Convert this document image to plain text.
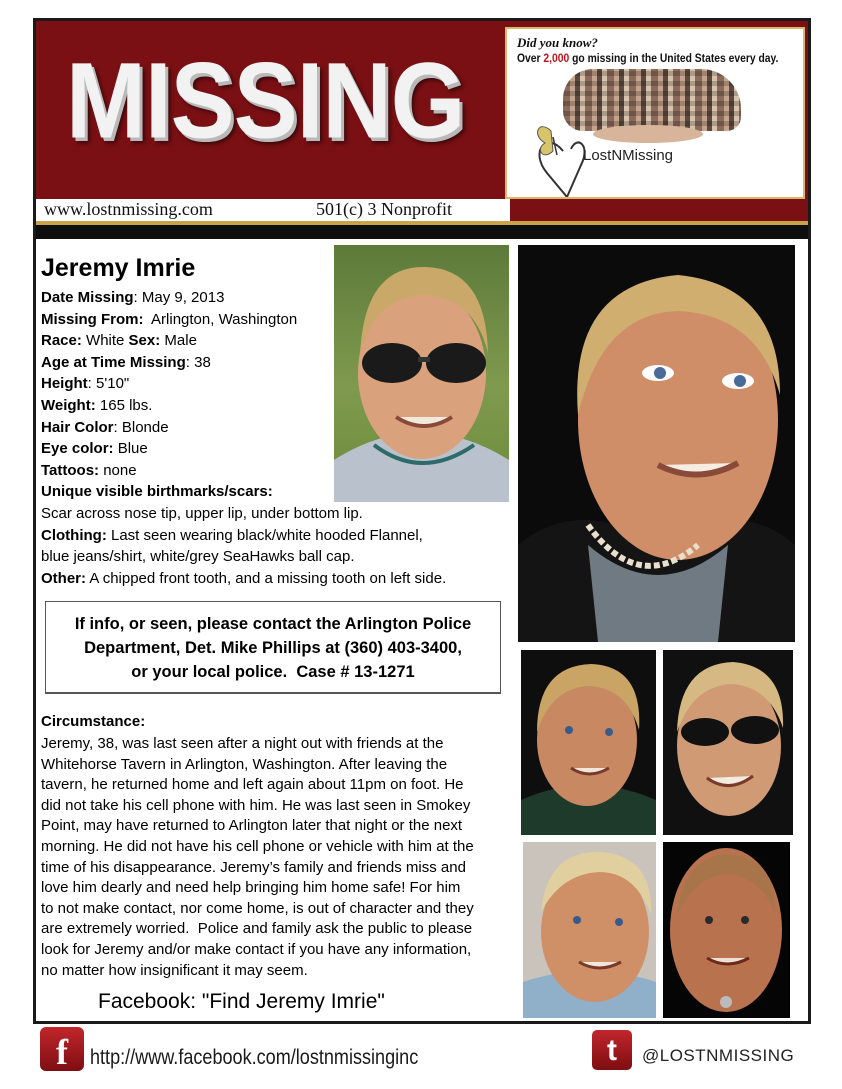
MISSING	Did you know?
Over 2,000 go missing in the United States every day.
LostNMissing
www.lostnmissing.com	501(c) 3 Nonprofit
Jeremy Imrie
Date Missing: May 9, 2013
Missing From: Arlington, Washington
Race: White Sex: Male
Age at Time Missing: 38
Height: 5'10"
Weight: 165 lbs.
Hair Color: Blonde
Eye color: Blue
Tattoos: none
Unique visible birthmarks/scars:
Scar across nose tip, upper lip, under bottom lip.
Clothing: Last seen wearing black/white hooded Flannel,
blue jeans/shirt, white/grey SeaHawks ball cap.
Other: A chipped front tooth, and a missing tooth on left side.

If info, or seen, please contact the Arlington Police

Department, Det. Mike Phillips at (360) 403-3400,

or your local police.  Case # 13-1271

Circumstance:
Jeremy, 38, was last seen after a night out with friends at the
Whitehorse Tavern in Arlington, Washington. After leaving the
tavern, he returned home and left again about 11pm on foot. He
did not take his cell phone with him. He was last seen in Smokey
Point, may have returned to Arlington later that night or the next
morning. He did not have his cell phone or vehicle with him at the
time of his disappearance. Jeremy’s family and friends miss and
love him dearly and need help bringing him home safe! For him
to not make contact, nor come home, is out of character and they
are extremely worried.  Police and family ask the public to please
look for Jeremy and/or make contact if you have any information,
no matter how insignificant it may seem.
Facebook: "Find Jeremy Imrie"
f	http://www.facebook.com/lostnmissinginc	t	@LOSTNMISSING
